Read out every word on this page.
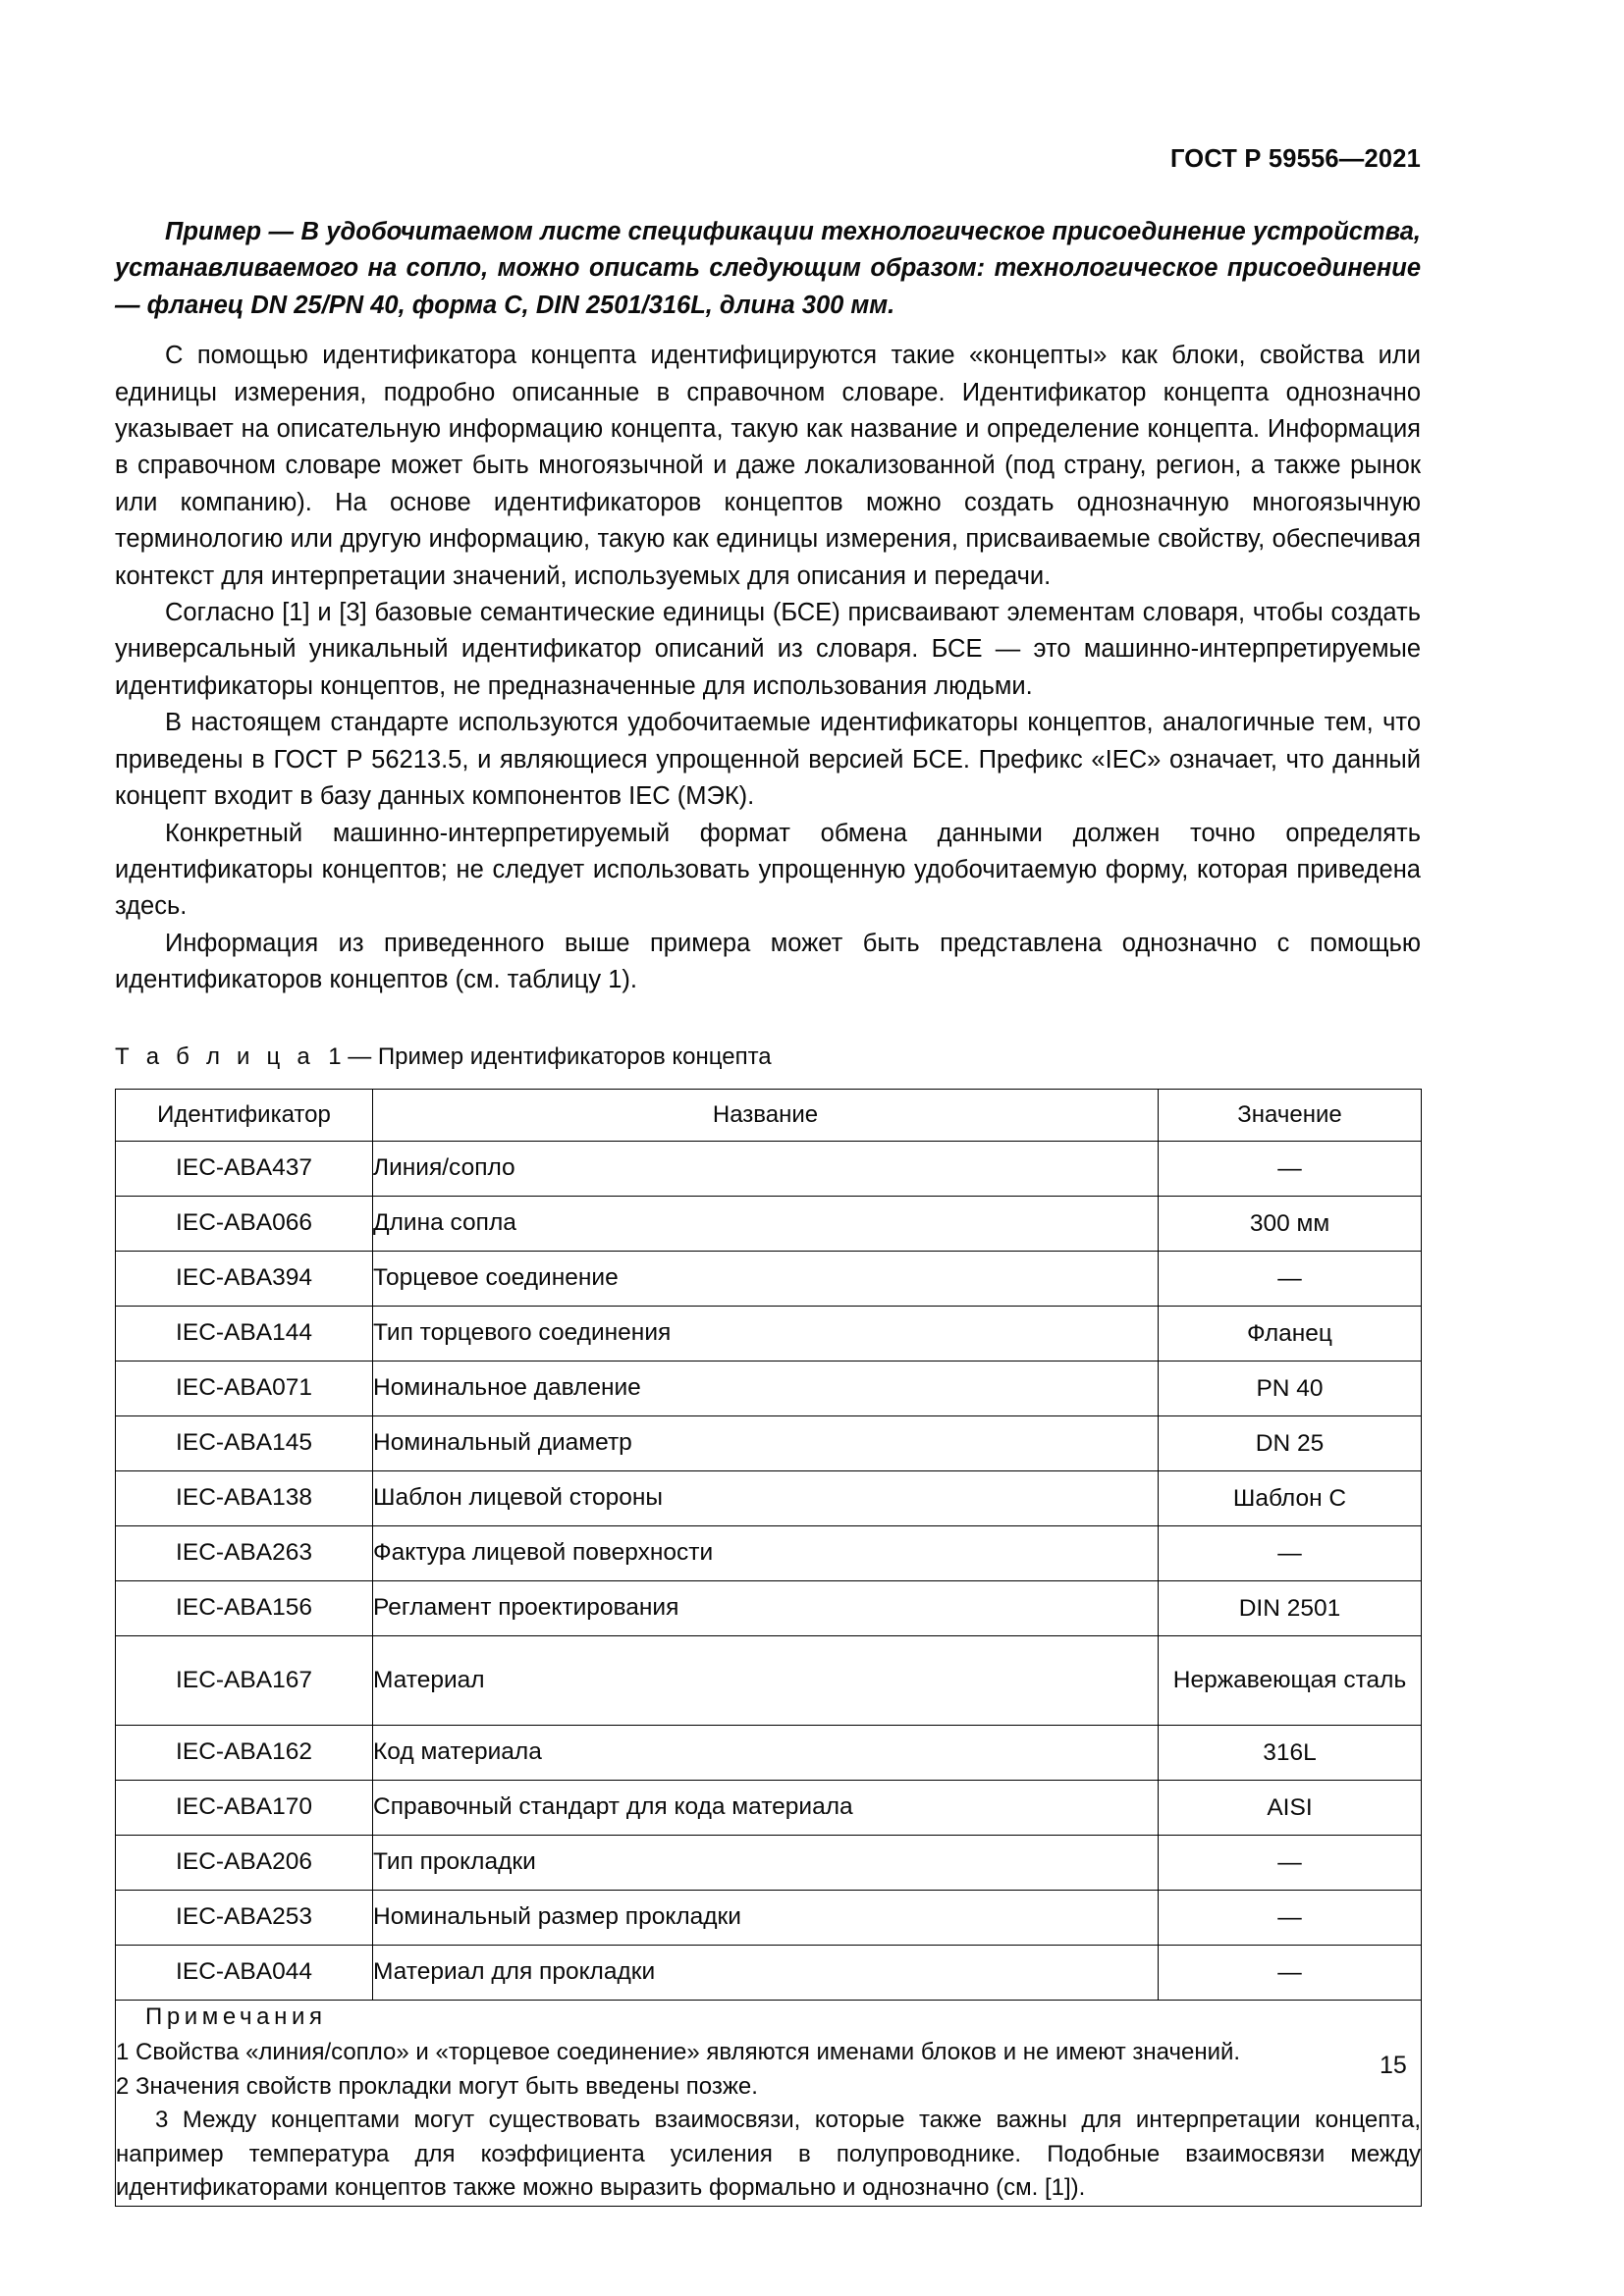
ГОСТ Р 59556—2021

Пример — В удобочитаемом листе спецификации технологическое присоединение устройства, устанавливаемого на сопло, можно описать следующим образом: технологическое присоединение — фланец DN 25/PN 40, форма C, DIN 2501/316L, длина 300 мм.

С помощью идентификатора концепта идентифицируются такие «концепты» как блоки, свойства или единицы измерения, подробно описанные в справочном словаре. Идентификатор концепта однозначно указывает на описательную информацию концепта, такую как название и определение концепта. Информация в справочном словаре может быть многоязычной и даже локализованной (под страну, регион, а также рынок или компанию). На основе идентификаторов концептов можно создать однозначную многоязычную терминологию или другую информацию, такую как единицы измерения, присваиваемые свойству, обеспечивая контекст для интерпретации значений, используемых для описания и передачи.

Согласно [1] и [3] базовые семантические единицы (БСЕ) присваивают элементам словаря, чтобы создать универсальный уникальный идентификатор описаний из словаря. БСЕ — это машинно-интерпретируемые идентификаторы концептов, не предназначенные для использования людьми.

В настоящем стандарте используются удобочитаемые идентификаторы концептов, аналогичные тем, что приведены в ГОСТ Р 56213.5, и являющиеся упрощенной версией БСЕ. Префикс «IEC» означает, что данный концепт входит в базу данных компонентов IEC (МЭК).

Конкретный машинно-интерпретируемый формат обмена данными должен точно определять идентификаторы концептов; не следует использовать упрощенную удобочитаемую форму, которая приведена здесь.

Информация из приведенного выше примера может быть представлена однозначно с помощью идентификаторов концептов (см. таблицу 1).

Т а б л и ц а 1 — Пример идентификаторов концепта
Идентификатор	Название	Значение
IEC-ABA437	Линия/сопло	—
IEC-ABA066	Длина сопла	300 мм
IEC-ABA394	Торцевое соединение	—
IEC-ABA144	Тип торцевого соединения	Фланец
IEC-ABA071	Номинальное давление	PN 40
IEC-ABA145	Номинальный диаметр	DN 25
IEC-ABA138	Шаблон лицевой стороны	Шаблон C
IEC-ABA263	Фактура лицевой поверхности	—
IEC-ABA156	Регламент проектирования	DIN 2501
IEC-ABA167	Материал	Нержавеющая сталь
IEC-ABA162	Код материала	316L
IEC-ABA170	Справочный стандарт для кода материала	AISI
IEC-ABA206	Тип прокладки	—
IEC-ABA253	Номинальный размер прокладки	—
IEC-ABA044	Материал для прокладки	—

Примечания
1 Свойства «линия/сопло» и «торцевое соединение» являются именами блоков и не имеют значений.
2 Значения свойств прокладки могут быть введены позже.
3 Между концептами могут существовать взаимосвязи, которые также важны для интерпретации концепта, например температура для коэффициента усиления в полупроводнике. Подобные взаимосвязи между идентификаторами концептов также можно выразить формально и однозначно (см. [1]).		
15
